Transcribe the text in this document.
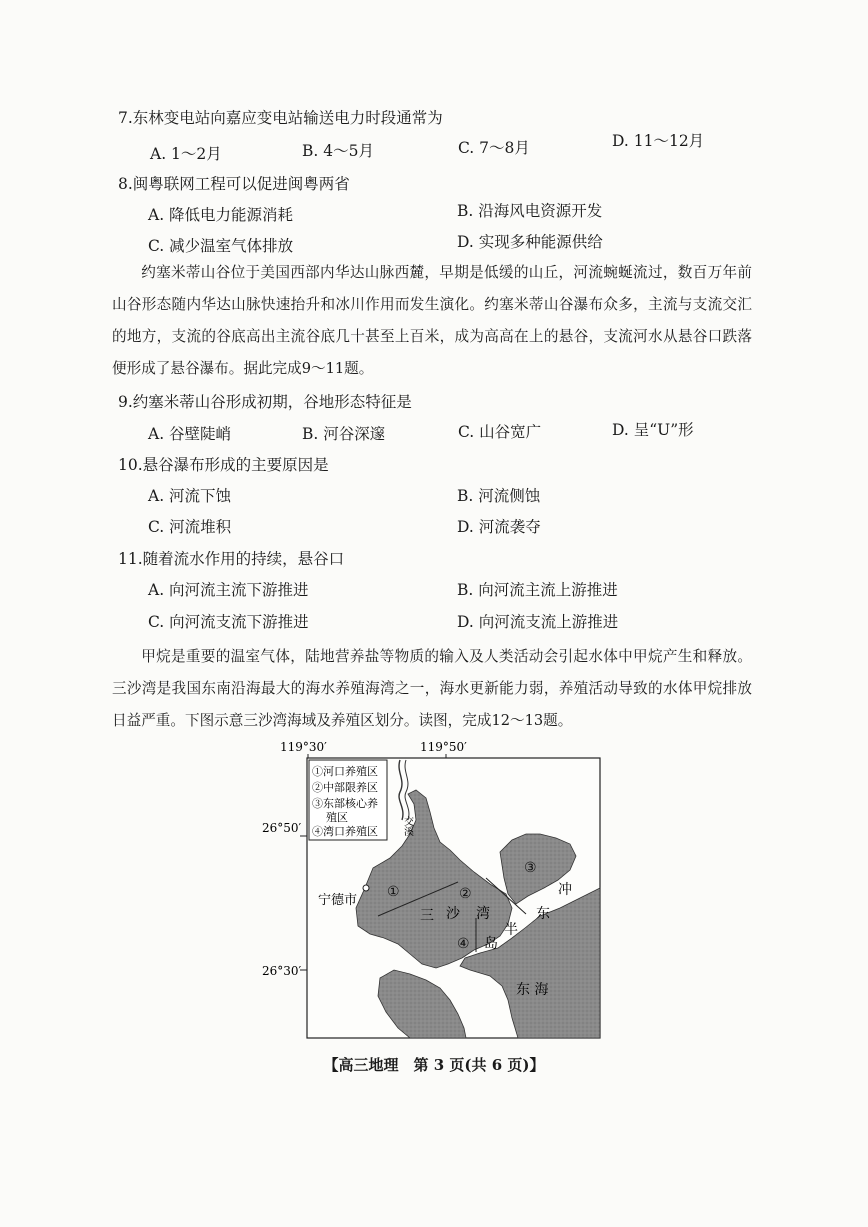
7.东林变电站向嘉应变电站输送电力时段通常为
A. 1～2月	B. 4～5月	C. 7～8月	D. 11～12月
8.闽粤联网工程可以促进闽粤两省
A. 降低电力能源消耗	B. 沿海风电资源开发
C. 减少温室气体排放	D. 实现多种能源供给
约塞米蒂山谷位于美国西部内华达山脉西麓，早期是低缓的山丘，河流蜿蜒流过，数百万年前山谷形态随内华达山脉快速抬升和冰川作用而发生演化。约塞米蒂山谷瀑布众多，主流与支流交汇的地方，支流的谷底高出主流谷底几十甚至上百米，成为高高在上的悬谷，支流河水从悬谷口跌落便形成了悬谷瀑布。据此完成9～11题。
9.约塞米蒂山谷形成初期，谷地形态特征是
A. 谷壁陡峭	B. 河谷深邃	C. 山谷宽广	D. 呈“U”形
10.悬谷瀑布形成的主要原因是
A. 河流下蚀	B. 河流侧蚀
C. 河流堆积	D. 河流袭夺
11.随着流水作用的持续，悬谷口
A. 向河流主流下游推进	B. 向河流主流上游推进
C. 向河流支流下游推进	D. 向河流支流上游推进
甲烷是重要的温室气体，陆地营养盐等物质的输入及人类活动会引起水体中甲烷产生和释放。三沙湾是我国东南沿海最大的海水养殖海湾之一，海水更新能力弱，养殖活动导致的水体甲烷排放日益严重。下图示意三沙湾海域及养殖区划分。读图，完成12～13题。
119°30′	119°50′
26°50′
26°30′
①河口养殖区
②中部限养区
③东部核心养
殖区
④湾口养殖区 交溪
宁德市
①	②
③
④
三 沙 湾	东
冲
半
岛
东 海
【高三地理　第 3 页(共 6 页)】
